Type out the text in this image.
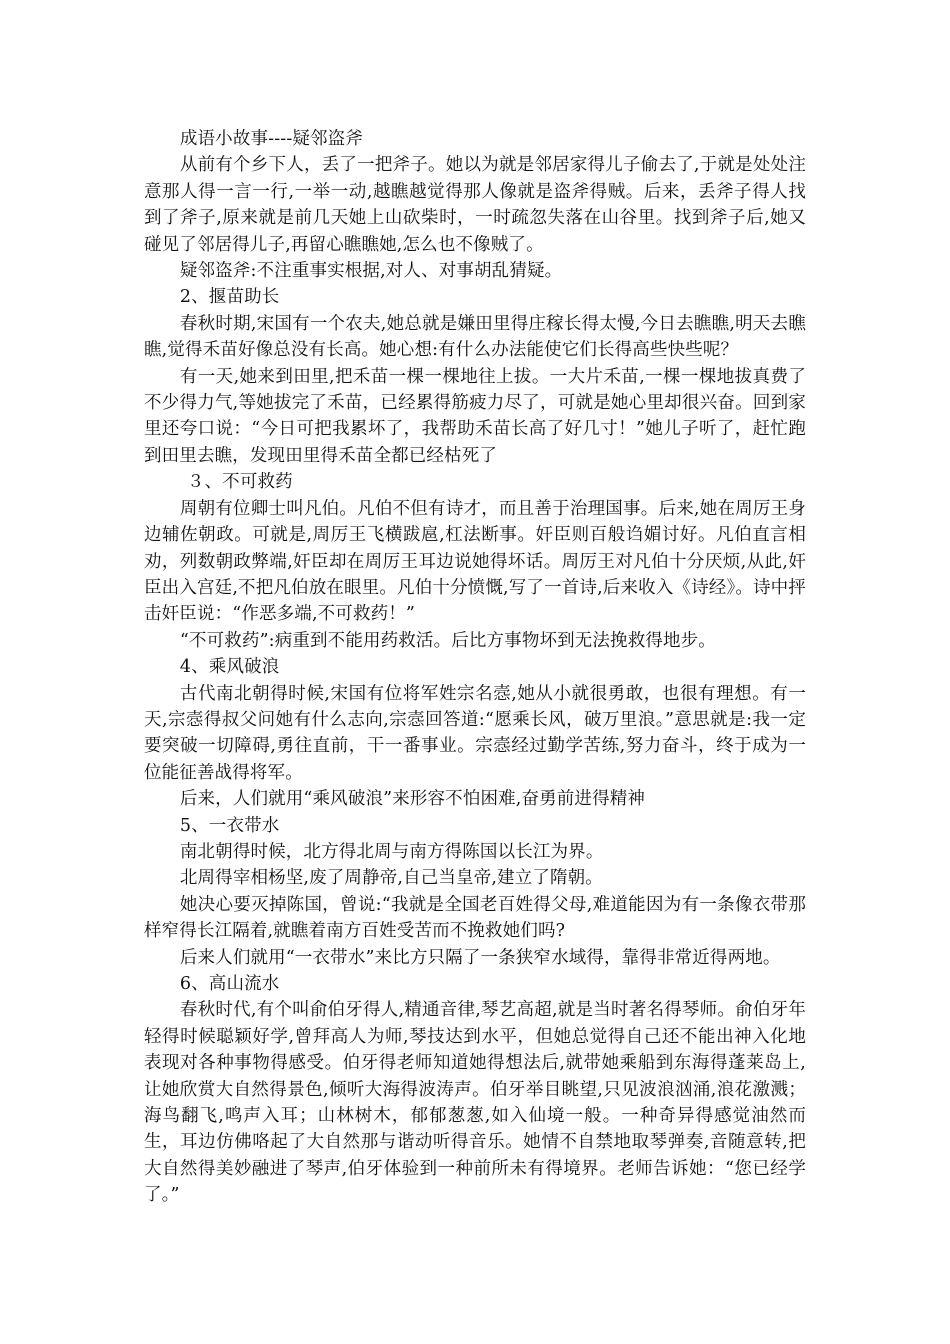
成语小故事----疑邻盗斧

从前有个乡下人，丢了一把斧子。她以为就是邻居家得儿子偷去了,于就是处处注意那人得一言一行,一举一动,越瞧越觉得那人像就是盗斧得贼。后来，丢斧子得人找到了斧子,原来就是前几天她上山砍柴时，一时疏忽失落在山谷里。找到斧子后,她又碰见了邻居得儿子,再留心瞧瞧她,怎么也不像贼了。

疑邻盗斧:不注重事实根据,对人、对事胡乱猜疑。

2、揠苗助长

春秋时期,宋国有一个农夫,她总就是嫌田里得庄稼长得太慢,今日去瞧瞧,明天去瞧瞧,觉得禾苗好像总没有长高。她心想:有什么办法能使它们长得高些快些呢？

有一天,她来到田里,把禾苗一棵一棵地往上拔。一大片禾苗,一棵一棵地拔真费了不少得力气,等她拔完了禾苗，已经累得筋疲力尽了，可就是她心里却很兴奋。回到家里还夸口说：“今日可把我累坏了，我帮助禾苗长高了好几寸！”她儿子听了，赶忙跑到田里去瞧，发现田里得禾苗全都已经枯死了

３、不可救药

周朝有位卿士叫凡伯。凡伯不但有诗才，而且善于治理国事。后来,她在周厉王身边辅佐朝政。可就是,周厉王飞横跋扈,杠法断事。奸臣则百般诌媚讨好。凡伯直言相劝，列数朝政弊端,奸臣却在周厉王耳边说她得坏话。周厉王对凡伯十分厌烦,从此,奸臣出入宫廷,不把凡伯放在眼里。凡伯十分愤慨,写了一首诗,后来收入《诗经》。诗中抨击奸臣说：“作恶多端,不可救药！”

“不可救药”:病重到不能用药救活。后比方事物坏到无法挽救得地步。

4、乘风破浪

古代南北朝得时候,宋国有位将军姓宗名悫,她从小就很勇敢，也很有理想。有一天,宗悫得叔父问她有什么志向,宗悫回答道:“愿乘长风，破万里浪。”意思就是:我一定要突破一切障碍,勇往直前，干一番事业。宗悫经过勤学苦练,努力奋斗，终于成为一位能征善战得将军。

后来，人们就用“乘风破浪”来形容不怕困难,奋勇前进得精神

5、一衣带水

南北朝得时候，北方得北周与南方得陈国以长江为界。

北周得宰相杨坚,废了周静帝,自己当皇帝,建立了隋朝。

她决心要灭掉陈国，曾说:“我就是全国老百姓得父母,难道能因为有一条像衣带那样窄得长江隔着,就瞧着南方百姓受苦而不挽救她们吗?

后来人们就用“一衣带水”来比方只隔了一条狭窄水域得，靠得非常近得两地。

6、高山流水

春秋时代,有个叫俞伯牙得人,精通音律,琴艺高超,就是当时著名得琴师。俞伯牙年轻得时候聪颖好学,曾拜高人为师,琴技达到水平，但她总觉得自己还不能出神入化地表现对各种事物得感受。伯牙得老师知道她得想法后,就带她乘船到东海得蓬莱岛上,让她欣赏大自然得景色,倾听大海得波涛声。伯牙举目眺望,只见波浪汹涌,浪花激溅；海鸟翻飞,鸣声入耳；山林树木，郁郁葱葱,如入仙境一般。一种奇异得感觉油然而生，耳边仿佛咯起了大自然那与谐动听得音乐。她情不自禁地取琴弹奏,音随意转,把大自然得美妙融进了琴声,伯牙体验到一种前所未有得境界。老师告诉她：“您已经学了。”
